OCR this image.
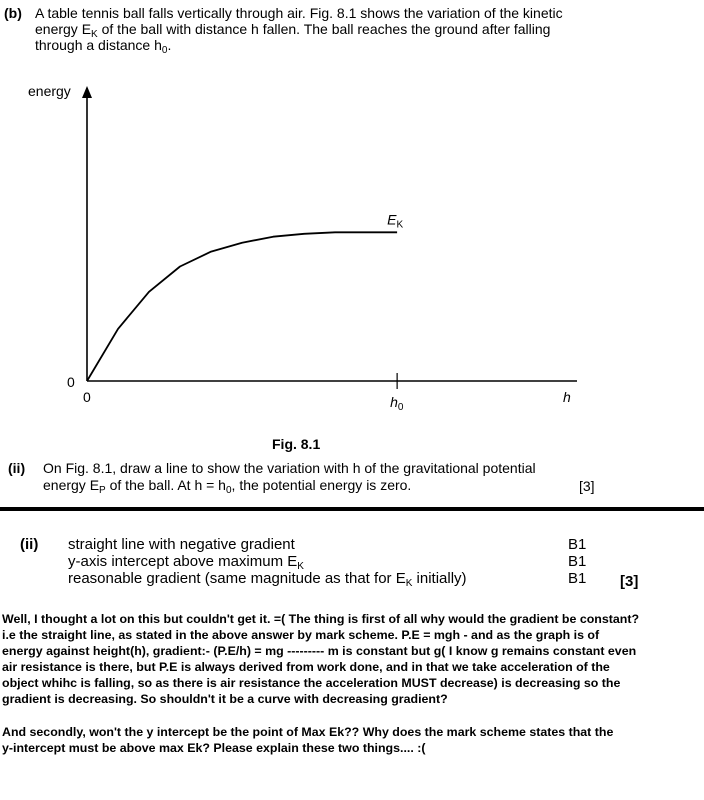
(b) A table tennis ball falls vertically through air. Fig. 8.1 shows the variation of the kinetic
energy $E_K$ of the ball with distance h fallen. The ball reaches the ground after falling
through a distance $h_0$.
energy
0
0	h
$h_0$
$E_K$
Fig. 8.1
(ii) On Fig. 8.1, draw a line to show the variation with h of the gravitational potential
energy $E_P$ of the ball. At $h = h_0$, the potential energy is zero.	[3]
(ii) straight line with negative gradient
y-axis intercept above maximum $E_K$
reasonable gradient (same magnitude as that for $E_K$ initially)
B1
B1
B1 [3]
Well, I thought a lot on this but couldn't get it. =( The thing is first of all why would the gradient be constant?
i.e the straight line, as stated in the above answer by mark scheme. P.E = mgh - and as the graph is of
energy against height(h), gradient:- (P.E/h) = mg --------- m is constant but g( I know g remains constant even
air resistance is there, but P.E is always derived from work done, and in that we take acceleration of the
object whihc is falling, so as there is air resistance the acceleration MUST decrease) is decreasing so the
gradient is decreasing. So shouldn't it be a curve with decreasing gradient?
And secondly, won't the y intercept be the point of Max Ek?? Why does the mark scheme states that the
y-intercept must be above max Ek? Please explain these two things.... :(
